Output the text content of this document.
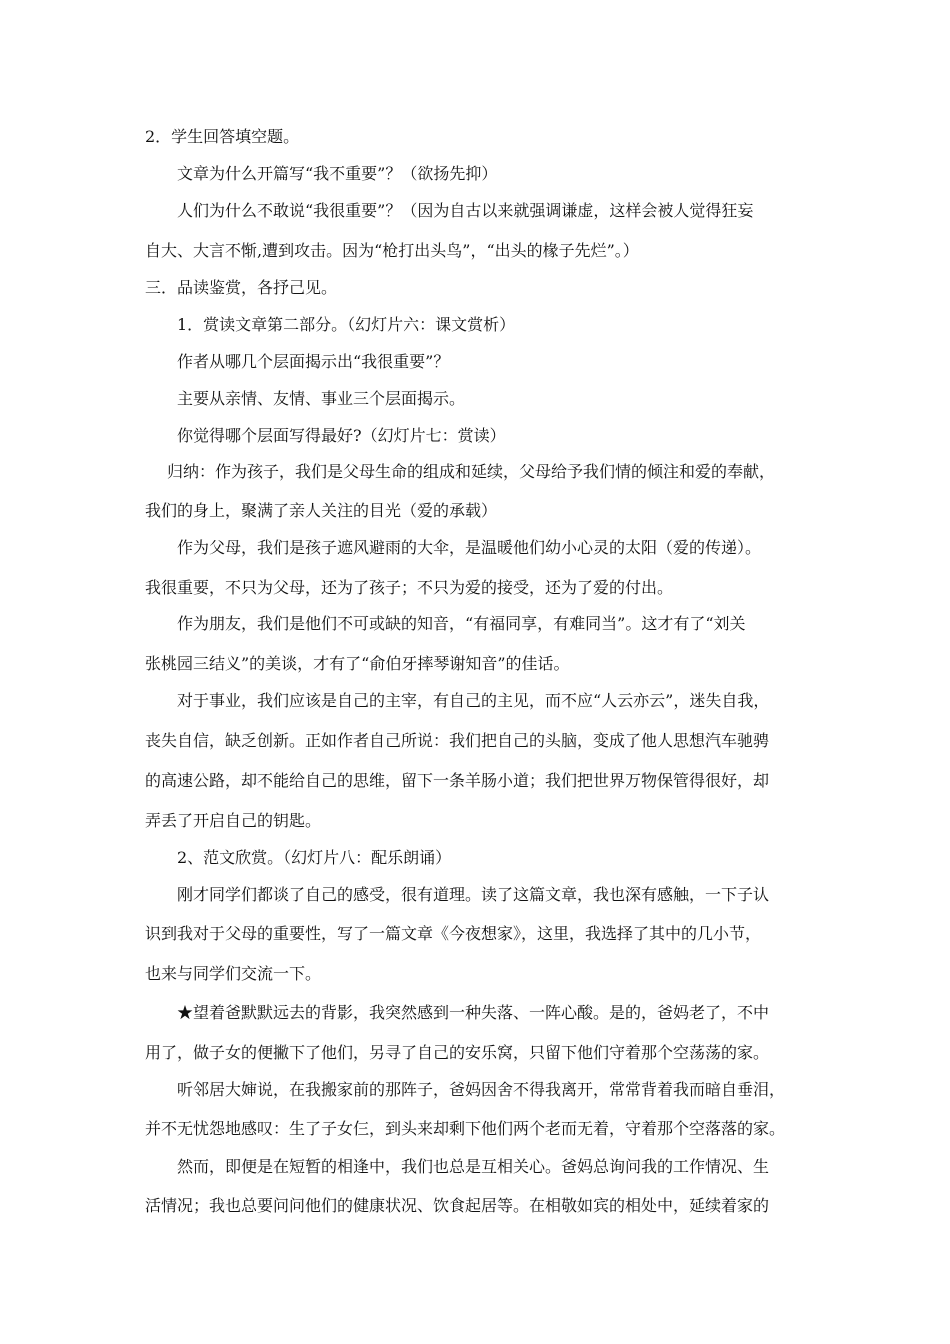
2．学生回答填空题。

文章为什么开篇写“我不重要”？（欲扬先抑）

人们为什么不敢说“我很重要”？（因为自古以来就强调谦虚，这样会被人觉得狂妄

自大、大言不惭,遭到攻击。因为“枪打出头鸟”，“出头的椽子先烂”。）

三．品读鉴赏，各抒己见。

1．赏读文章第二部分。（幻灯片六：课文赏析）

作者从哪几个层面揭示出“我很重要”？

主要从亲情、友情、事业三个层面揭示。

你觉得哪个层面写得最好?（幻灯片七：赏读）

归纳：作为孩子，我们是父母生命的组成和延续，父母给予我们情的倾注和爱的奉献，

我们的身上，聚满了亲人关注的目光（爱的承载）

作为父母，我们是孩子遮风避雨的大伞，是温暖他们幼小心灵的太阳（爱的传递）。

我很重要，不只为父母，还为了孩子；不只为爱的接受，还为了爱的付出。

作为朋友，我们是他们不可或缺的知音，“有福同享，有难同当”。这才有了“刘关

张桃园三结义”的美谈，才有了“俞伯牙摔琴谢知音”的佳话。

对于事业，我们应该是自己的主宰，有自己的主见，而不应“人云亦云”，迷失自我，

丧失自信，缺乏创新。正如作者自己所说：我们把自己的头脑，变成了他人思想汽车驰骋

的高速公路，却不能给自己的思维，留下一条羊肠小道；我们把世界万物保管得很好，却

弄丢了开启自己的钥匙。

2、范文欣赏。（幻灯片八：配乐朗诵）

刚才同学们都谈了自己的感受，很有道理。读了这篇文章，我也深有感触，一下子认

识到我对于父母的重要性，写了一篇文章《今夜想家》，这里，我选择了其中的几小节，

也来与同学们交流一下。

★望着爸默默远去的背影，我突然感到一种失落、一阵心酸。是的，爸妈老了，不中

用了，做子女的便撇下了他们，另寻了自己的安乐窝，只留下他们守着那个空荡荡的家。

听邻居大婶说，在我搬家前的那阵子，爸妈因舍不得我离开，常常背着我而暗自垂泪，

并不无忧怨地感叹：生了子女仨，到头来却剩下他们两个老而无着，守着那个空落落的家。

然而，即便是在短暂的相逢中，我们也总是互相关心。爸妈总询问我的工作情况、生

活情况；我也总要问问他们的健康状况、饮食起居等。在相敬如宾的相处中，延续着家的
